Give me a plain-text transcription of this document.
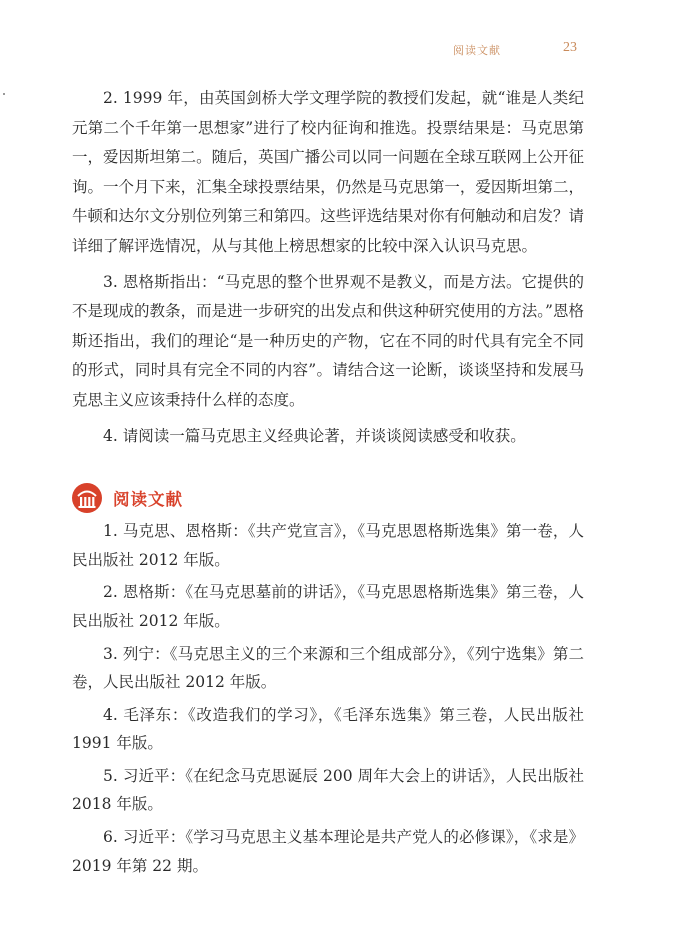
阅读文献	23

2. 1999 年，由英国剑桥大学文理学院的教授们发起，就“谁是人类纪元第二个千年第一思想家”进行了校内征询和推选。投票结果是：马克思第一，爱因斯坦第二。随后，英国广播公司以同一问题在全球互联网上公开征询。一个月下来，汇集全球投票结果，仍然是马克思第一，爱因斯坦第二，牛顿和达尔文分别位列第三和第四。这些评选结果对你有何触动和启发？请详细了解评选情况，从与其他上榜思想家的比较中深入认识马克思。

3. 恩格斯指出：“马克思的整个世界观不是教义，而是方法。它提供的不是现成的教条，而是进一步研究的出发点和供这种研究使用的方法。”恩格斯还指出，我们的理论“是一种历史的产物，它在不同的时代具有完全不同的形式，同时具有完全不同的内容”。请结合这一论断，谈谈坚持和发展马克思主义应该秉持什么样的态度。

4. 请阅读一篇马克思主义经典论著，并谈谈阅读感受和收获。

阅读文献

1. 马克思、恩格斯：《共产党宣言》，《马克思恩格斯选集》第一卷，人民出版社 2012 年版。

2. 恩格斯：《在马克思墓前的讲话》，《马克思恩格斯选集》第三卷，人民出版社 2012 年版。

3. 列宁：《马克思主义的三个来源和三个组成部分》，《列宁选集》第二卷，人民出版社 2012 年版。

4. 毛泽东：《改造我们的学习》，《毛泽东选集》第三卷，人民出版社 1991 年版。

5. 习近平：《在纪念马克思诞辰 200 周年大会上的讲话》，人民出版社 2018 年版。

6. 习近平：《学习马克思主义基本理论是共产党人的必修课》，《求是》2019 年第 22 期。
